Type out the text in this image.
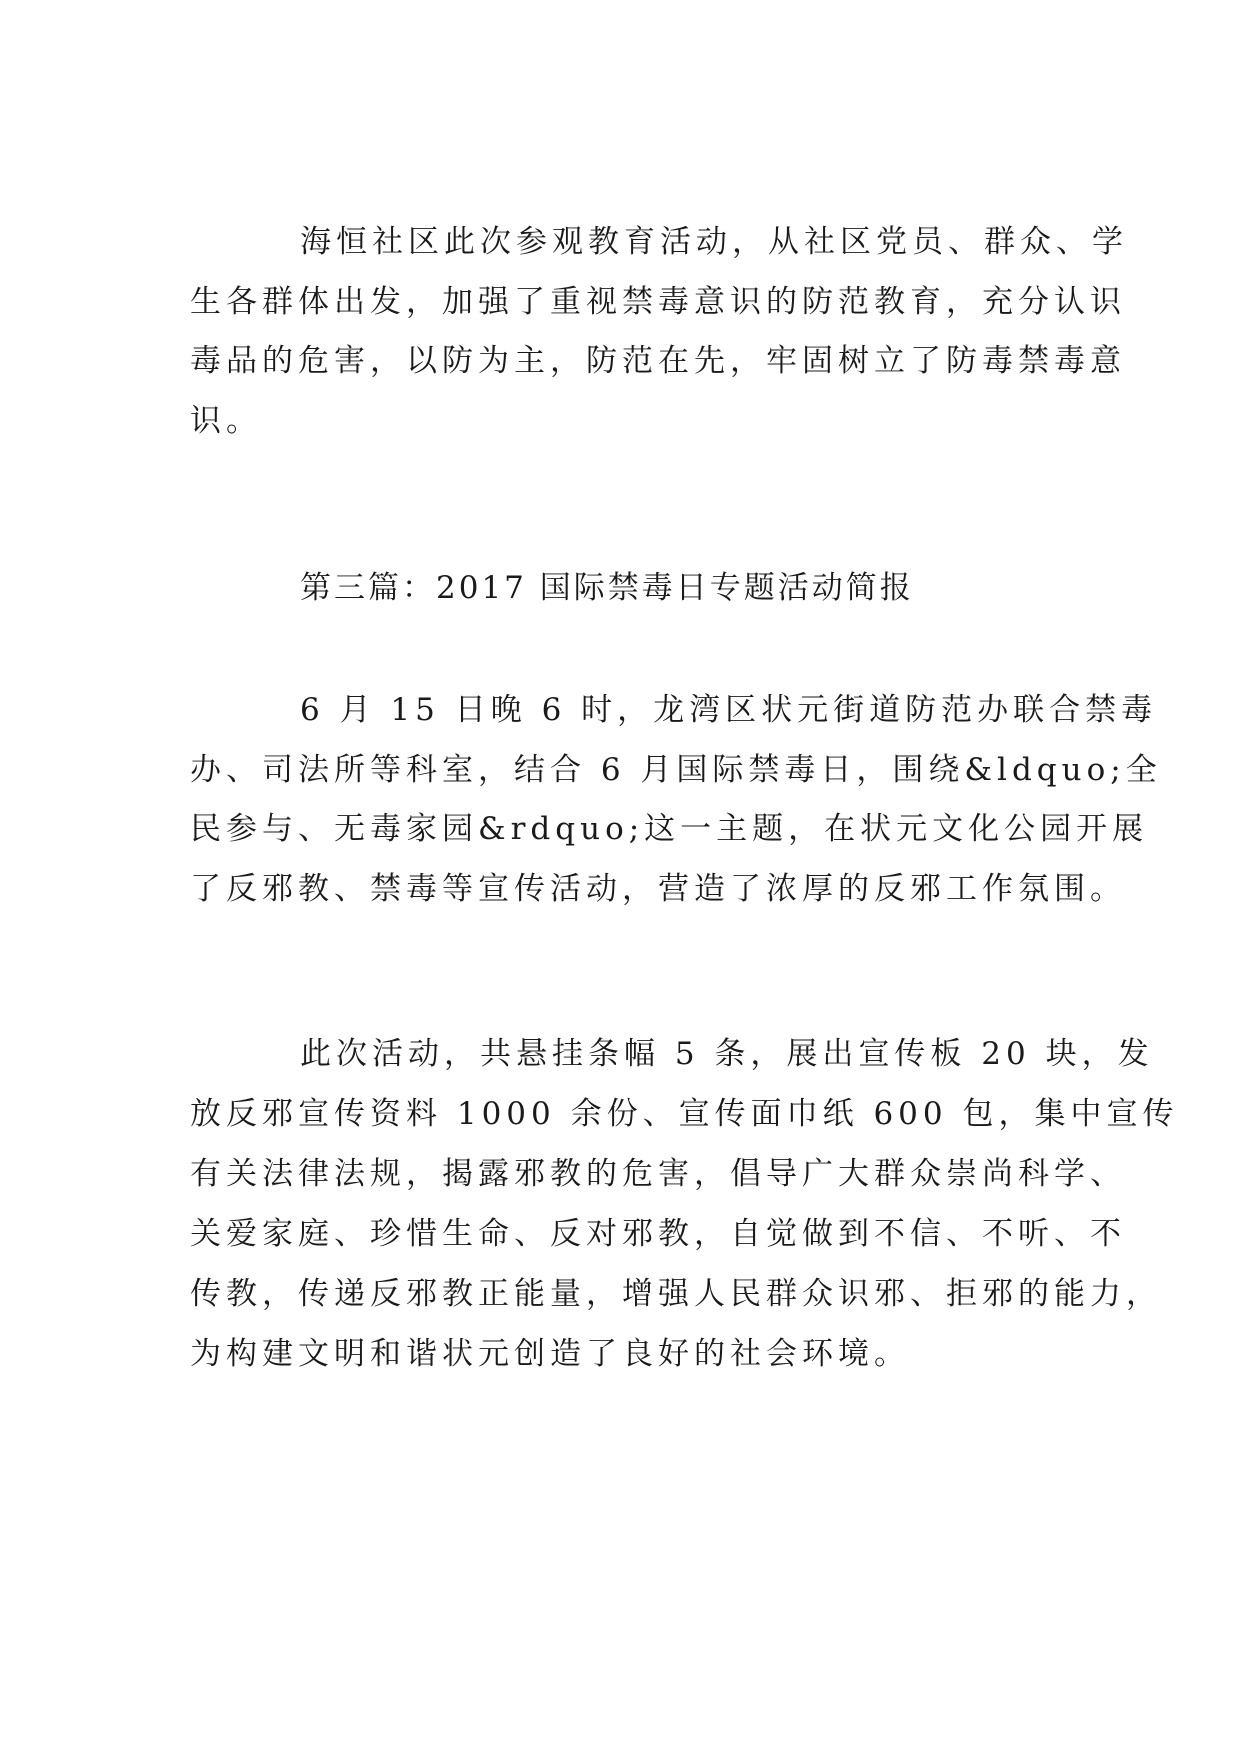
海恒社区此次参观教育活动，从社区党员、群众、学
生各群体出发，加强了重视禁毒意识的防范教育，充分认识
毒品的危害，以防为主，防范在先，牢固树立了防毒禁毒意
识。
第三篇：2017 国际禁毒日专题活动简报
6 月 15 日晚 6 时，龙湾区状元街道防范办联合禁毒
办、司法所等科室，结合 6 月国际禁毒日，围绕&ldquo;全
民参与、无毒家园&rdquo;这一主题，在状元文化公园开展
了反邪教、禁毒等宣传活动，营造了浓厚的反邪工作氛围。
此次活动，共悬挂条幅 5 条，展出宣传板 20 块，发
放反邪宣传资料 1000 余份、宣传面巾纸 600 包，集中宣传
有关法律法规，揭露邪教的危害，倡导广大群众崇尚科学、
关爱家庭、珍惜生命、反对邪教，自觉做到不信、不听、不
传教，传递反邪教正能量，增强人民群众识邪、拒邪的能力，
为构建文明和谐状元创造了良好的社会环境。
